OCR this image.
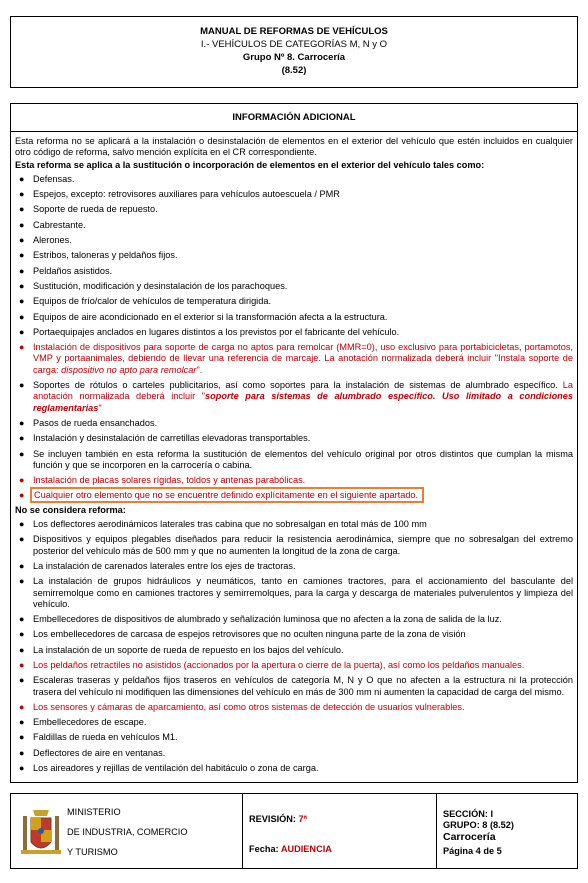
MANUAL DE REFORMAS DE VEHÍCULOS
I.- VEHÍCULOS DE CATEGORÍAS M, N y O
Grupo Nº 8. Carrocería
(8.52)
INFORMACIÓN ADICIONAL

Esta reforma no se aplicará a la instalación o desinstalación de elementos en el exterior del vehículo que estén incluidos en cualquier otro código de reforma, salvo mención explícita en el CR correspondiente.

Esta reforma se aplica a la sustitución o incorporación de elementos en el exterior del vehículo tales como:

● Defensas.
● Espejos, excepto: retrovisores auxiliares para vehículos autoescuela / PMR
● Soporte de rueda de repuesto.
● Cabrestante.
● Alerones.
● Estribos, taloneras y peldaños fijos.
● Peldaños asistidos.
● Sustitución, modificación y desinstalación de los parachoques.
● Equipos de frío/calor de vehículos de temperatura dirigida.
● Equipos de aire acondicionado en el exterior si la transformación afecta a la estructura.
● Portaequipajes anclados en lugares distintos a los previstos por el fabricante del vehículo.
● Instalación de dispositivos para soporte de carga no aptos para remolcar (MMR=0), uso exclusivo para portabicicletas, portamotos, VMP y portaanimales, debiendo de llevar una referencia de marcaje. La anotación normalizada deberá incluir "Instala soporte de carga: dispositivo no apto para remolcar".
● Soportes de rótulos o carteles publicitarios, así como soportes para la instalación de sistemas de alumbrado específico. La anotación normalizada deberá incluir "soporte para sistemas de alumbrado específico. Uso limitado a condiciones reglamentarias"
● Pasos de rueda ensanchados.
● Instalación y desinstalación de carretillas elevadoras transportables.
● Se incluyen también en esta reforma la sustitución de elementos del vehículo original por otros distintos que cumplan la misma función y que se incorporen en la carrocería o cabina.
● Instalación de placas solares rígidas, toldos y antenas parabólicas.
● Cualquier otro elemento que no se encuentre definido explícitamente en el siguiente apartado.

No se considera reforma:

● Los deflectores aerodinámicos laterales tras cabina que no sobresalgan en total más de 100 mm
● Dispositivos y equipos plegables diseñados para reducir la resistencia aerodinámica, siempre que no sobresalgan del extremo posterior del vehículo más de 500 mm y que no aumenten la longitud de la zona de carga.
● La instalación de carenados laterales entre los ejes de tractoras.
● La instalación de grupos hidráulicos y neumáticos, tanto en camiones tractores, para el accionamiento del basculante del semirremolque como en camiones tractores y semirremolques, para la carga y descarga de materiales pulverulentos y limpieza del vehículo.
● Embellecedores de dispositivos de alumbrado y señalización luminosa que no afecten a la zona de salida de la luz.
● Los embellecedores de carcasa de espejos retrovisores que no oculten ninguna parte de la zona de visión
● La instalación de un soporte de rueda de repuesto en los bajos del vehículo.
● Los peldaños retractiles no asistidos (accionados por la apertura o cierre de la puerta), así como los peldaños manuales.
● Escaleras traseras y peldaños fijos traseros en vehículos de categoría M, N y O que no afecten a la estructura ni la protección trasera del vehículo ni modifiquen las dimensiones del vehículo en más de 300 mm ni aumenten la capacidad de carga del mismo.
● Los sensores y cámaras de aparcamiento, así como otros sistemas de detección de usuarios vulnerables.
● Embellecedores de escape.
● Faldillas de rueda en vehículos M1.
● Deflectores de aire en ventanas.
● Los aireadores y rejillas de ventilación del habitáculo o zona de carga.
MINISTERIO
DE INDUSTRIA, COMERCIO
Y TURISMO
REVISIÓN: 7ª
Fecha: AUDIENCIA
SECCIÓN: I
GRUPO: 8 (8.52)
Carrocería
Página 4 de 5
